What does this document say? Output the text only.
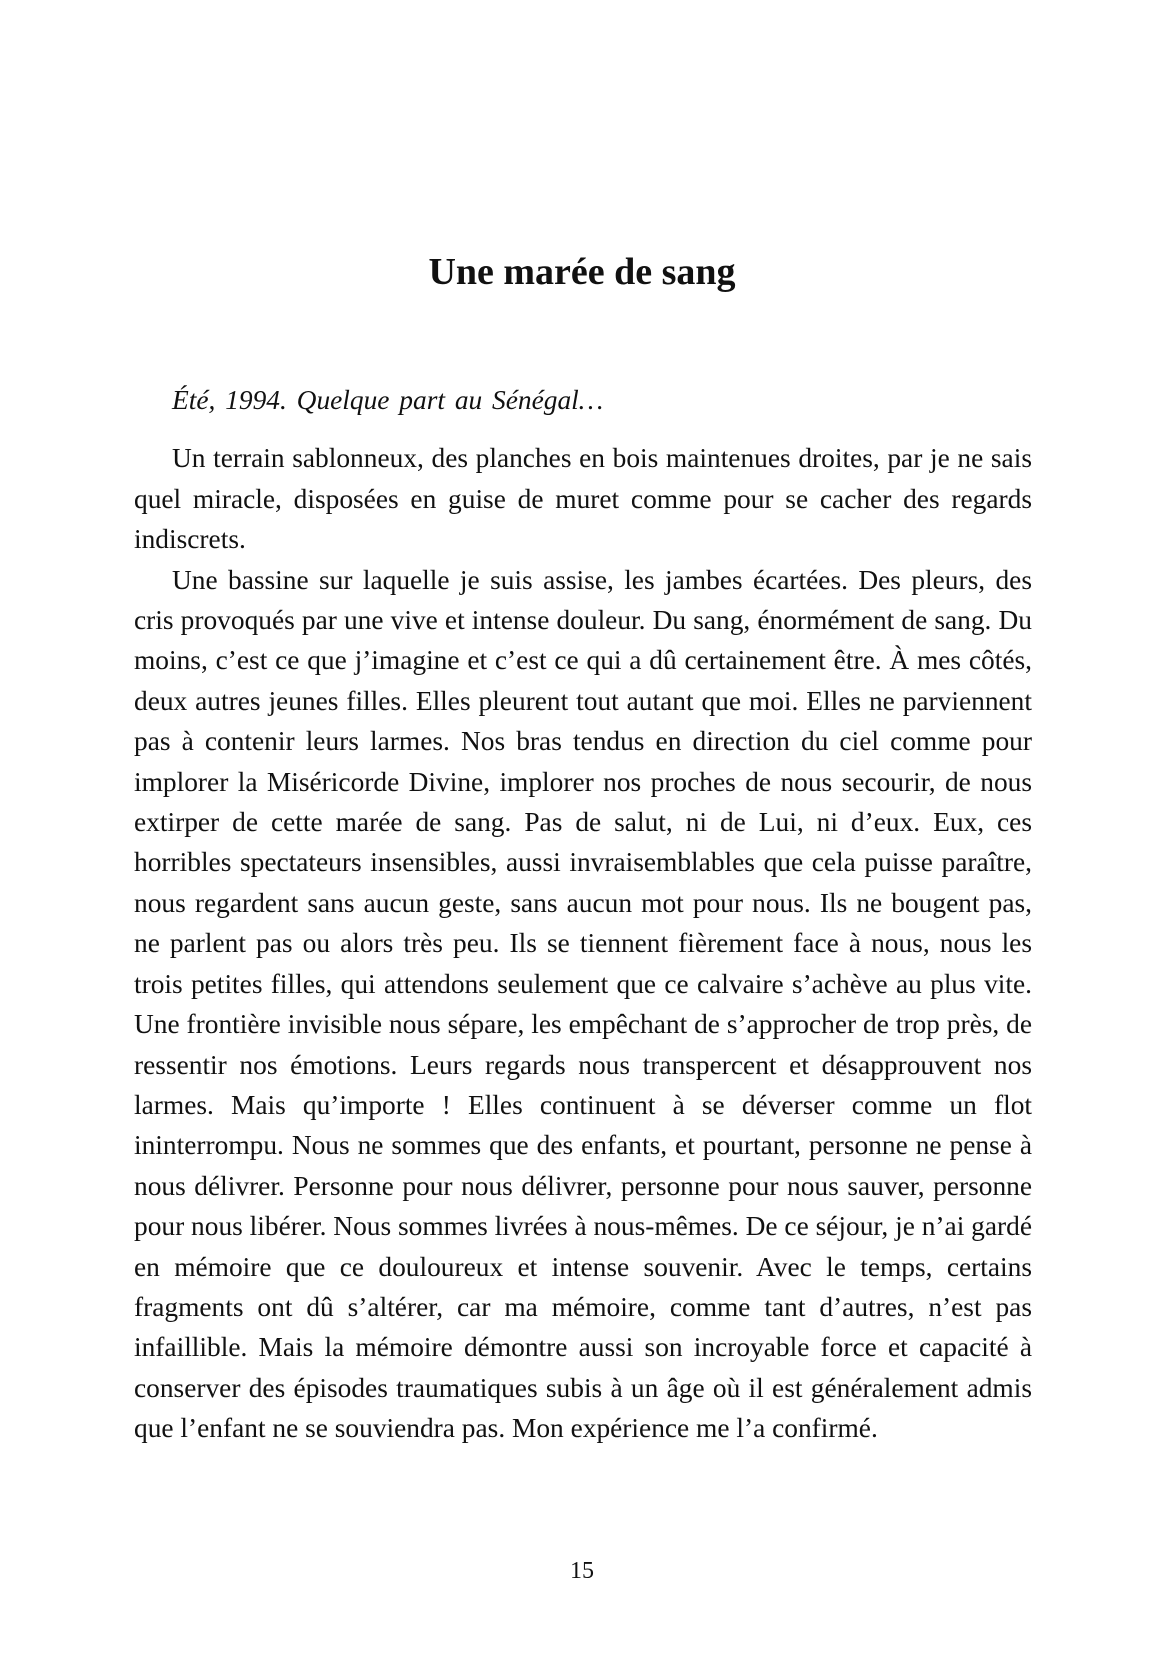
Une marée de sang

Été, 1994. Quelque part au Sénégal…

Un terrain sablonneux, des planches en bois maintenues droites, par je ne sais quel miracle, disposées en guise de muret comme pour se cacher des regards indiscrets.

Une bassine sur laquelle je suis assise, les jambes écartées. Des pleurs, des cris provoqués par une vive et intense douleur. Du sang, énormément de sang. Du moins, c’est ce que j’imagine et c’est ce qui a dû certainement être. À mes côtés, deux autres jeunes filles. Elles pleurent tout autant que moi. Elles ne parviennent pas à contenir leurs larmes. Nos bras tendus en direction du ciel comme pour implorer la Miséricorde Divine, implorer nos proches de nous secourir, de nous extirper de cette marée de sang. Pas de salut, ni de Lui, ni d’eux. Eux, ces horribles spectateurs insensibles, aussi invraisemblables que cela puisse paraître, nous regardent sans aucun geste, sans aucun mot pour nous. Ils ne bougent pas, ne parlent pas ou alors très peu. Ils se tiennent fièrement face à nous, nous les trois petites filles, qui attendons seulement que ce calvaire s’achève au plus vite. Une frontière invisible nous sépare, les empêchant de s’approcher de trop près, de ressentir nos émotions. Leurs regards nous transpercent et désapprouvent nos larmes. Mais qu’importe ! Elles continuent à se déverser comme un flot ininterrompu. Nous ne sommes que des enfants, et pourtant, personne ne pense à nous délivrer. Personne pour nous délivrer, personne pour nous sauver, personne pour nous libérer. Nous sommes livrées à nous-mêmes. De ce séjour, je n’ai gardé en mémoire que ce douloureux et intense souvenir. Avec le temps, certains fragments ont dû s’altérer, car ma mémoire, comme tant d’autres, n’est pas infaillible. Mais la mémoire démontre aussi son incroyable force et capacité à conserver des épisodes traumatiques subis à un âge où il est généralement admis que l’enfant ne se souviendra pas. Mon expérience me l’a confirmé.

15
